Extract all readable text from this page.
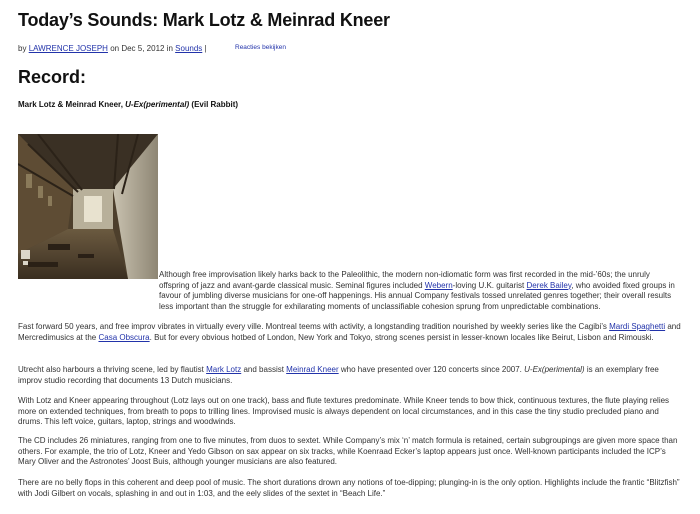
Today’s Sounds: Mark Lotz & Meinrad Kneer
by LAWRENCE JOSEPH on Dec 5, 2012 in Sounds |	Reacties bekijken
Record:
Mark Lotz & Meinrad Kneer, U-Ex(perimental) (Evil Rabbit)

Although free improvisation likely harks back to the Paleolithic, the modern non-idiomatic form was first recorded in the mid-’60s; the unruly offspring of jazz and avant-garde classical music. Seminal figures included Webern-loving U.K. guitarist Derek Bailey, who avoided fixed groups in favour of jumbling diverse musicians for one-off happenings. His annual Company festivals tossed unrelated genres together; their overall results less important than the struggle for exhilarating moments of unclassifiable cohesion sprung from unpredictable combinations.

Fast forward 50 years, and free improv vibrates in virtually every ville. Montreal teems with activity, a longstanding tradition nourished by weekly series like the Cagibi’s Mardi Spaghetti and Mercredimusics at the Casa Obscura. But for every obvious hotbed of London, New York and Tokyo, strong scenes persist in lesser-known locales like Beirut, Lisbon and Rimouski.

Utrecht also harbours a thriving scene, led by flautist Mark Lotz and bassist Meinrad Kneer who have presented over 120 concerts since 2007. U-Ex(perimental) is an exemplary free improv studio recording that documents 13 Dutch musicians.

With Lotz and Kneer appearing throughout (Lotz lays out on one track), bass and flute textures predominate. While Kneer tends to bow thick, continuous textures, the flute playing relies more on extended techniques, from breath to pops to trilling lines. Improvised music is always dependent on local circumstances, and in this case the tiny studio precluded piano and drums. This left voice, guitars, laptop, strings and woodwinds.

The CD includes 26 miniatures, ranging from one to five minutes, from duos to sextet. While Company’s mix ‘n’ match formula is retained, certain subgroupings are given more space than others. For example, the trio of Lotz, Kneer and Yedo Gibson on sax appear on six tracks, while Koenraad Ecker’s laptop appears just once. Well-known participants included the ICP’s Mary Oliver and the Astronotes’ Joost Buis, although younger musicians are also featured.

There are no belly flops in this coherent and deep pool of music. The short durations drown any notions of toe-dipping; plunging-in is the only option. Highlights include the frantic “Blitzfish” with Jodi Gilbert on vocals, splashing in and out in 1:03, and the eely slides of the sextet in “Beach Life.”
